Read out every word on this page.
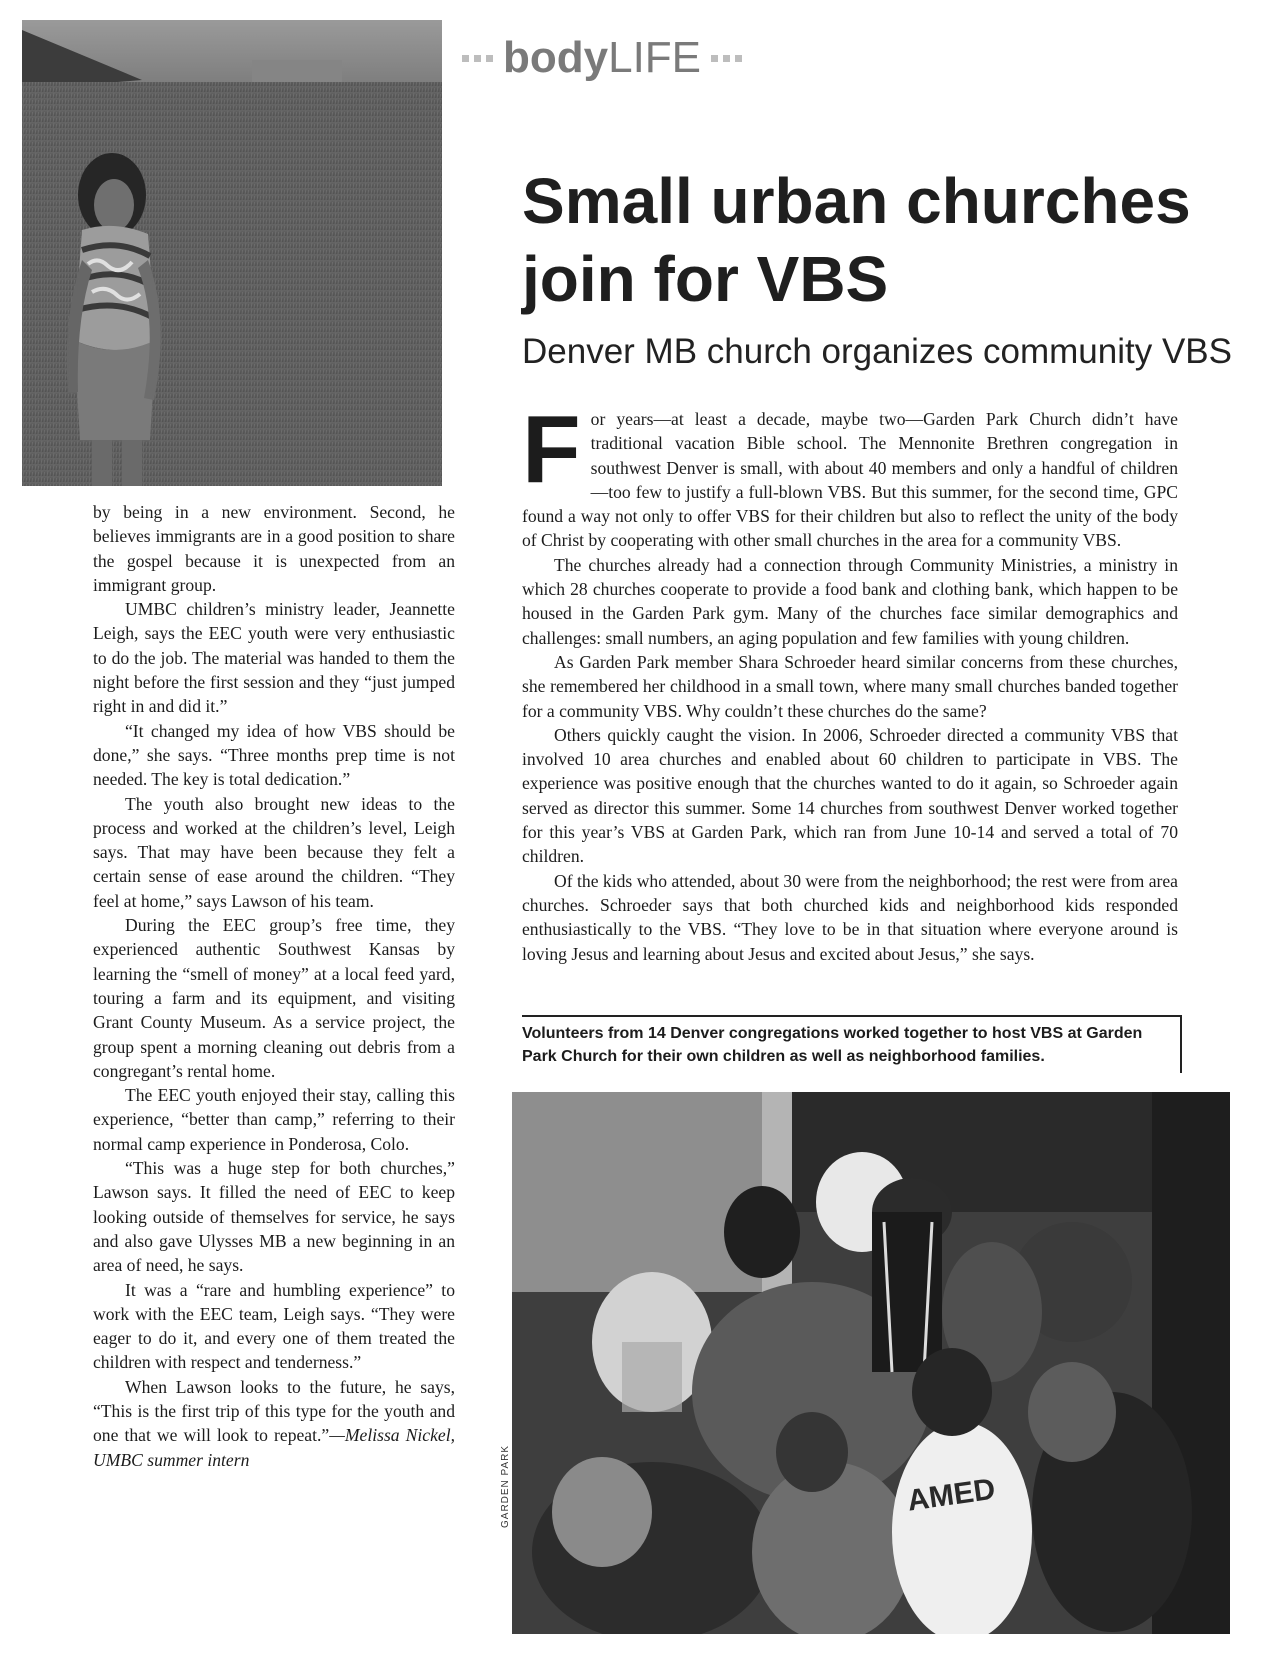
bodyLIFE
Small urban churches join for VBS
Denver MB church organizes community VBS

by being in a new environment. Second, he believes immigrants are in a good position to share the gospel because it is unexpected from an immigrant group.

UMBC children’s ministry leader, Jeannette Leigh, says the EEC youth were very enthusiastic to do the job. The material was handed to them the night before the first session and they “just jumped right in and did it.”

“It changed my idea of how VBS should be done,” she says. “Three months prep time is not needed. The key is total dedication.”

The youth also brought new ideas to the process and worked at the children’s level, Leigh says. That may have been because they felt a certain sense of ease around the children. “They feel at home,” says Lawson of his team.

During the EEC group’s free time, they experienced authentic Southwest Kansas by learning the “smell of money” at a local feed yard, touring a farm and its equipment, and visiting Grant County Museum. As a service project, the group spent a morning cleaning out debris from a congregant’s rental home.

The EEC youth enjoyed their stay, calling this experience, “better than camp,” referring to their normal camp experience in Ponderosa, Colo.

“This was a huge step for both churches,” Lawson says. It filled the need of EEC to keep looking outside of themselves for service, he says and also gave Ulysses MB a new beginning in an area of need, he says.

It was a “rare and humbling experience” to work with the EEC team, Leigh says. “They were eager to do it, and every one of them treated the children with respect and tenderness.”

When Lawson looks to the future, he says, “This is the first trip of this type for the youth and one that we will look to repeat.”—Melissa Nickel, UMBC summer intern

For years—at least a decade, maybe two—Garden Park Church didn’t have traditional vacation Bible school. The Mennonite Brethren congregation in southwest Denver is small, with about 40 members and only a handful of children—too few to justify a full-blown VBS. But this summer, for the second time, GPC found a way not only to offer VBS for their children but also to reflect the unity of the body of Christ by cooperating with other small churches in the area for a community VBS.

The churches already had a connection through Community Ministries, a ministry in which 28 churches cooperate to provide a food bank and clothing bank, which happen to be housed in the Garden Park gym. Many of the churches face similar demographics and challenges: small numbers, an aging population and few families with young children.

As Garden Park member Shara Schroeder heard similar concerns from these churches, she remembered her childhood in a small town, where many small churches banded together for a community VBS. Why couldn’t these churches do the same?

Others quickly caught the vision. In 2006, Schroeder directed a community VBS that involved 10 area churches and enabled about 60 children to participate in VBS. The experience was positive enough that the churches wanted to do it again, so Schroeder again served as director this summer. Some 14 churches from southwest Denver worked together for this year’s VBS at Garden Park, which ran from June 10-14 and served a total of 70 children.

Of the kids who attended, about 30 were from the neighborhood; the rest were from area churches. Schroeder says that both churched kids and neighborhood kids responded enthusiastically to the VBS. “They love to be in that situation where everyone around is loving Jesus and learning about Jesus and excited about Jesus,” she says.

Volunteers from 14 Denver congregations worked together to host VBS at Garden Park Church for their own children as well as neighborhood families.

AMED
GARDEN PARK
